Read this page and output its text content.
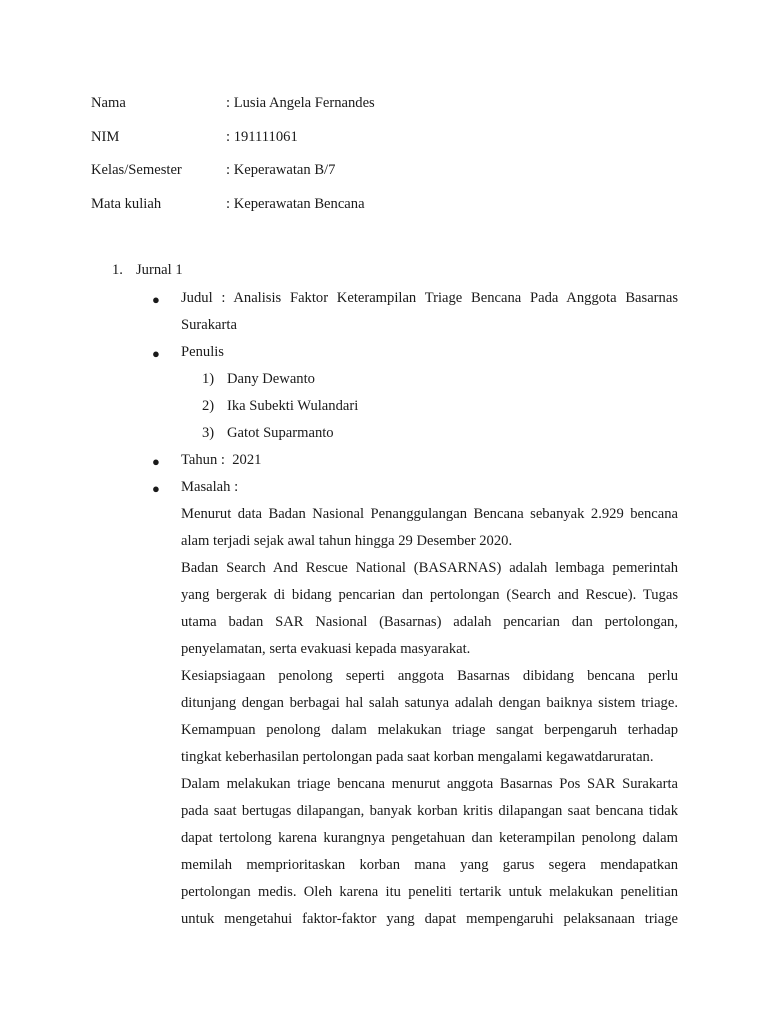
Nama	: Lusia Angela Fernandes
NIM	: 191111061
Kelas/Semester	: Keperawatan B/7
Mata kuliah	: Keperawatan Bencana
1. Jurnal 1
● Judul : Analisis Faktor Keterampilan Triage Bencana Pada Anggota Basarnas
Surakarta
● Penulis
1) Dany Dewanto
2) Ika Subekti Wulandari
3) Gatot Suparmanto
● Tahun :  2021
● Masalah :
Menurut data Badan Nasional Penanggulangan Bencana sebanyak 2.929 bencana
alam terjadi sejak awal tahun hingga 29 Desember 2020.
Badan Search And Rescue National (BASARNAS) adalah lembaga pemerintah
yang bergerak di bidang pencarian dan pertolongan (Search and Rescue). Tugas
utama badan SAR Nasional (Basarnas) adalah pencarian dan pertolongan,
penyelamatan, serta evakuasi kepada masyarakat.
Kesiapsiagaan penolong seperti anggota Basarnas dibidang bencana perlu
ditunjang dengan berbagai hal salah satunya adalah dengan baiknya sistem triage.
Kemampuan penolong dalam melakukan triage sangat berpengaruh terhadap
tingkat keberhasilan pertolongan pada saat korban mengalami kegawatdaruratan.
Dalam melakukan triage bencana menurut anggota Basarnas Pos SAR Surakarta
pada saat bertugas dilapangan, banyak korban kritis dilapangan saat bencana tidak
dapat tertolong karena kurangnya pengetahuan dan keterampilan penolong dalam
memilah memprioritaskan korban mana yang garus segera mendapatkan
pertolongan medis. Oleh karena itu peneliti tertarik untuk melakukan penelitian
untuk mengetahui faktor-faktor yang dapat mempengaruhi pelaksanaan triage
